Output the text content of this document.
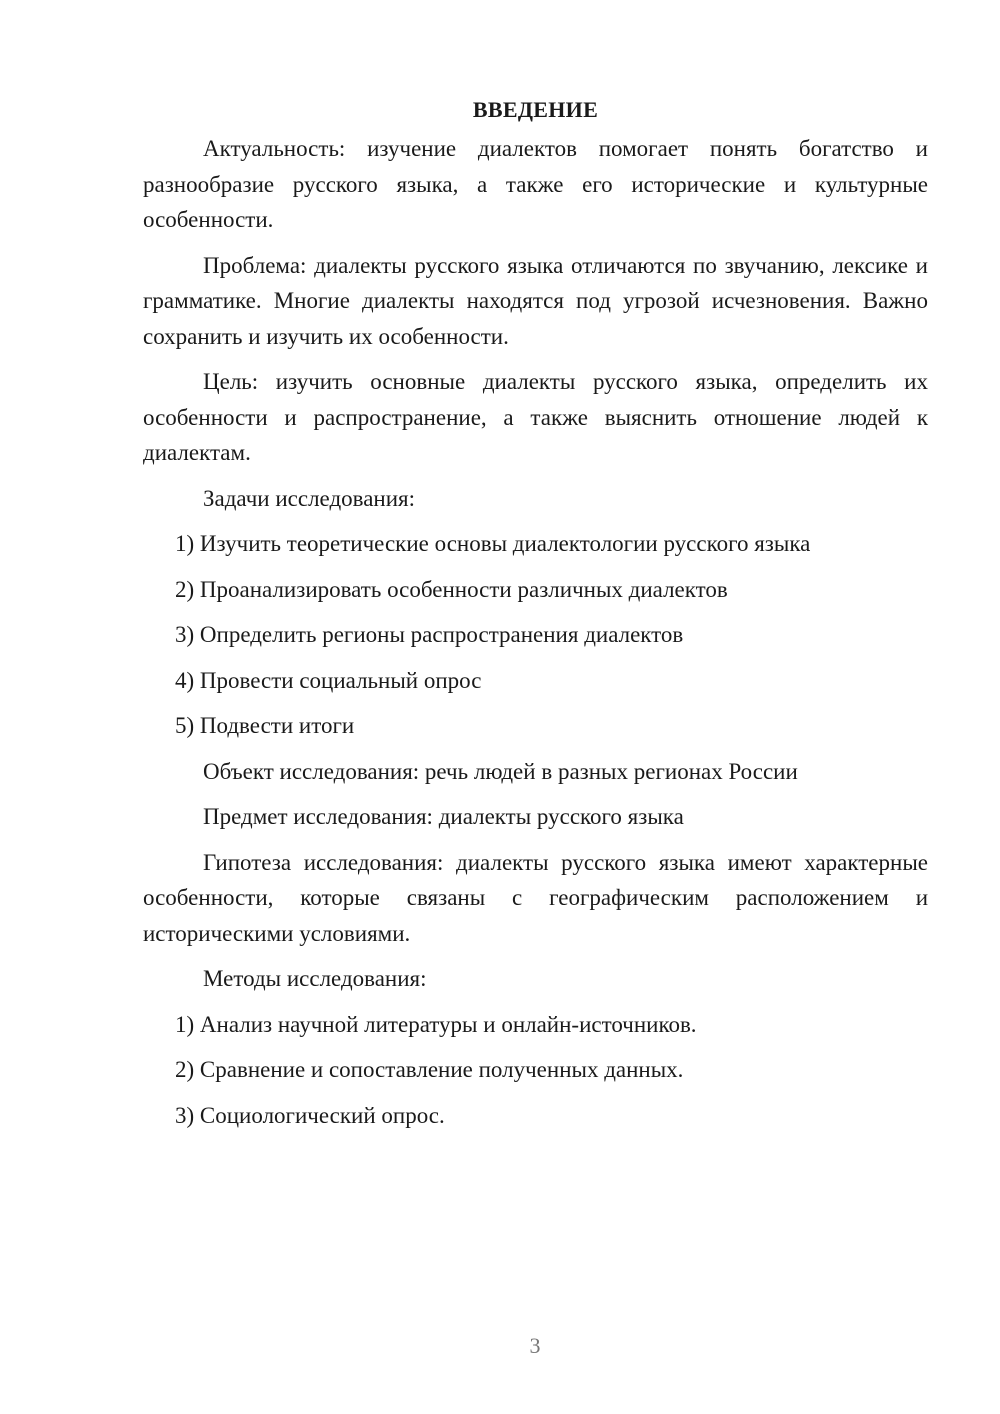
ВВЕДЕНИЕ

Актуальность: изучение диалектов помогает понять богатство и разнообразие русского языка, а также его исторические и культурные особенности.

Проблема: диалекты русского языка отличаются по звучанию, лексике и грамматике. Многие диалекты находятся под угрозой исчезновения. Важно сохранить и изучить их особенности.

Цель: изучить основные диалекты русского языка, определить их особенности и распространение, а также выяснить отношение людей к диалектам.

Задачи исследования:
1) Изучить теоретические основы диалектологии русского языка
2) Проанализировать особенности различных диалектов
3) Определить регионы распространения диалектов
4) Провести социальный опрос
5) Подвести итоги
Объект исследования: речь людей в разных регионах России
Предмет исследования: диалекты русского языка

Гипотеза исследования: диалекты русского языка имеют характерные особенности, которые связаны с географическим расположением и историческими условиями.

Методы исследования:
1) Анализ научной литературы и онлайн-источников.
2) Сравнение и сопоставление полученных данных.
3) Социологический опрос.
3
